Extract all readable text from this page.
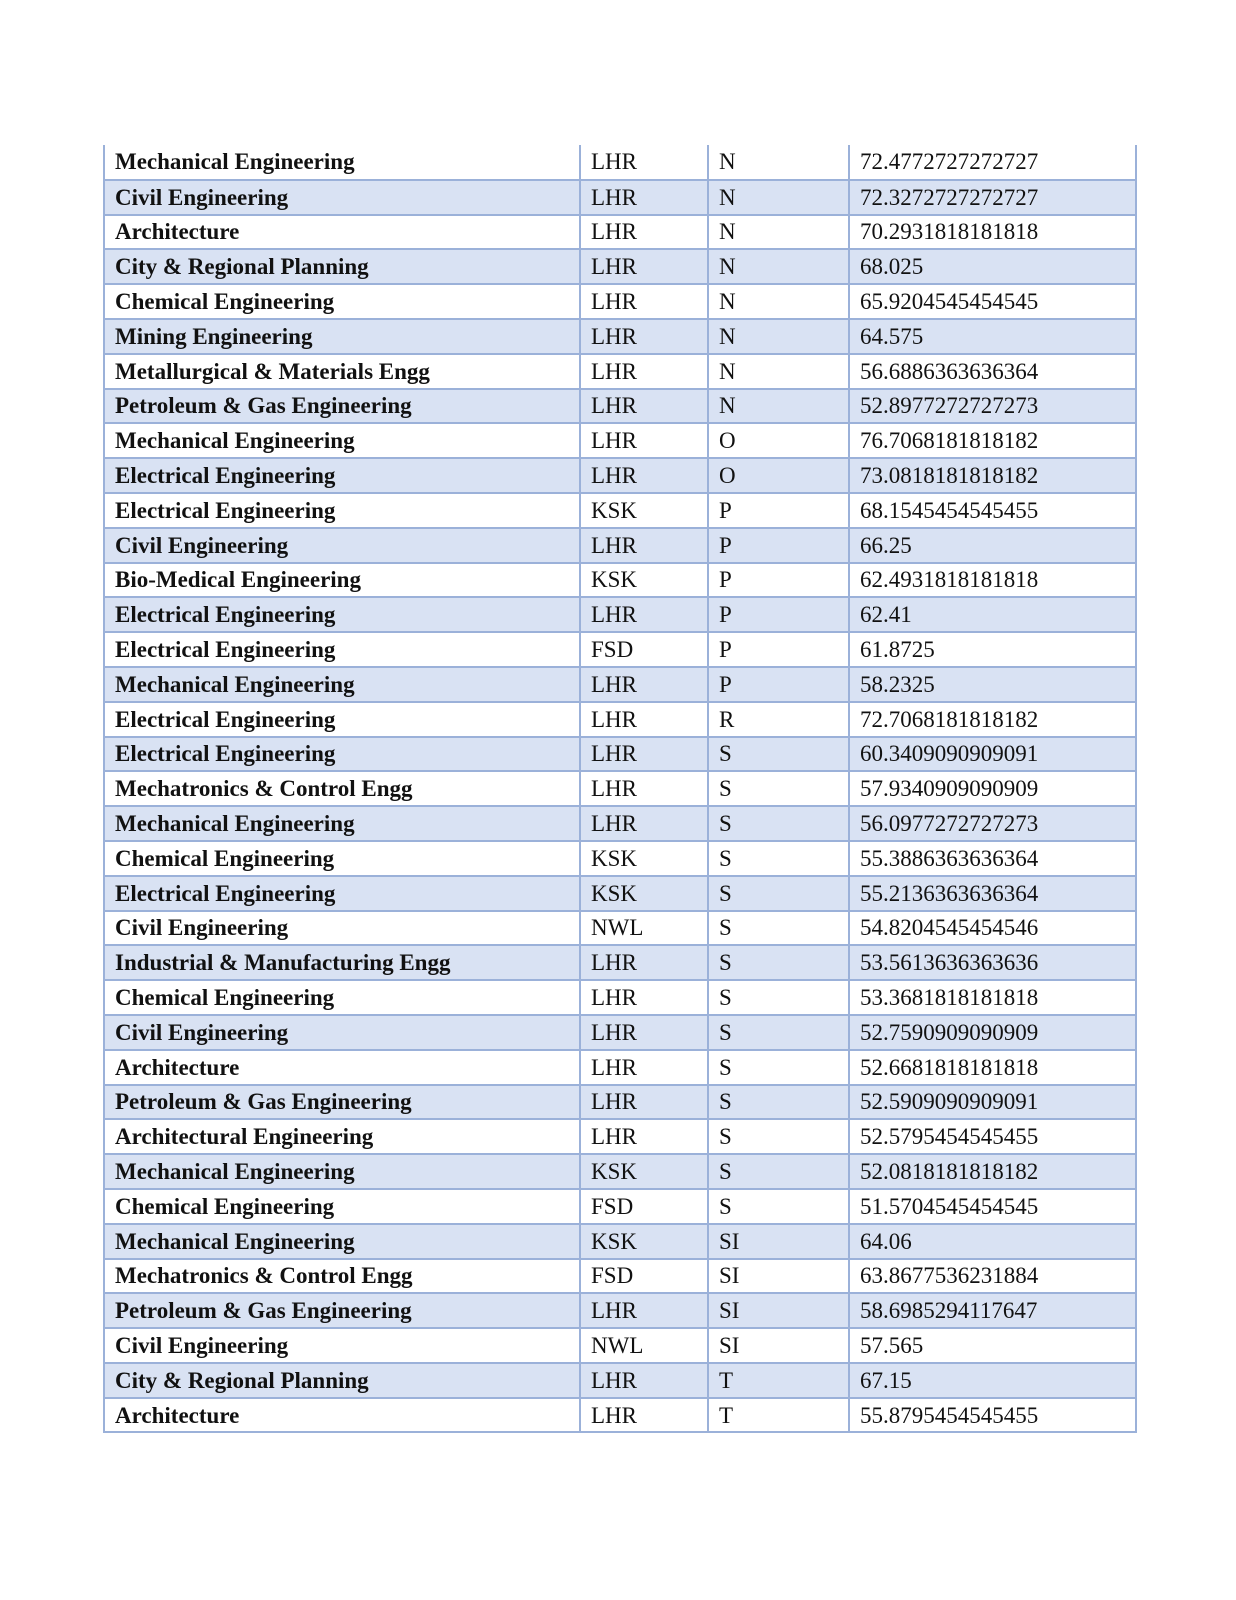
Mechanical Engineering	LHR	N	72.4772727272727
Civil Engineering	LHR	N	72.3272727272727
Architecture	LHR	N	70.2931818181818
City & Regional Planning	LHR	N	68.025
Chemical Engineering	LHR	N	65.9204545454545
Mining Engineering	LHR	N	64.575
Metallurgical & Materials Engg	LHR	N	56.6886363636364
Petroleum & Gas Engineering	LHR	N	52.8977272727273
Mechanical Engineering	LHR	O	76.7068181818182
Electrical Engineering	LHR	O	73.0818181818182
Electrical Engineering	KSK	P	68.1545454545455
Civil Engineering	LHR	P	66.25
Bio-Medical Engineering	KSK	P	62.4931818181818
Electrical Engineering	LHR	P	62.41
Electrical Engineering	FSD	P	61.8725
Mechanical Engineering	LHR	P	58.2325
Electrical Engineering	LHR	R	72.7068181818182
Electrical Engineering	LHR	S	60.3409090909091
Mechatronics & Control Engg	LHR	S	57.9340909090909
Mechanical Engineering	LHR	S	56.0977272727273
Chemical Engineering	KSK	S	55.3886363636364
Electrical Engineering	KSK	S	55.2136363636364
Civil Engineering	NWL	S	54.8204545454546
Industrial & Manufacturing Engg	LHR	S	53.5613636363636
Chemical Engineering	LHR	S	53.3681818181818
Civil Engineering	LHR	S	52.7590909090909
Architecture	LHR	S	52.6681818181818
Petroleum & Gas Engineering	LHR	S	52.5909090909091
Architectural Engineering	LHR	S	52.5795454545455
Mechanical Engineering	KSK	S	52.0818181818182
Chemical Engineering	FSD	S	51.5704545454545
Mechanical Engineering	KSK	SI	64.06
Mechatronics & Control Engg	FSD	SI	63.8677536231884
Petroleum & Gas Engineering	LHR	SI	58.6985294117647
Civil Engineering	NWL	SI	57.565
City & Regional Planning	LHR	T	67.15
Architecture	LHR	T	55.8795454545455
